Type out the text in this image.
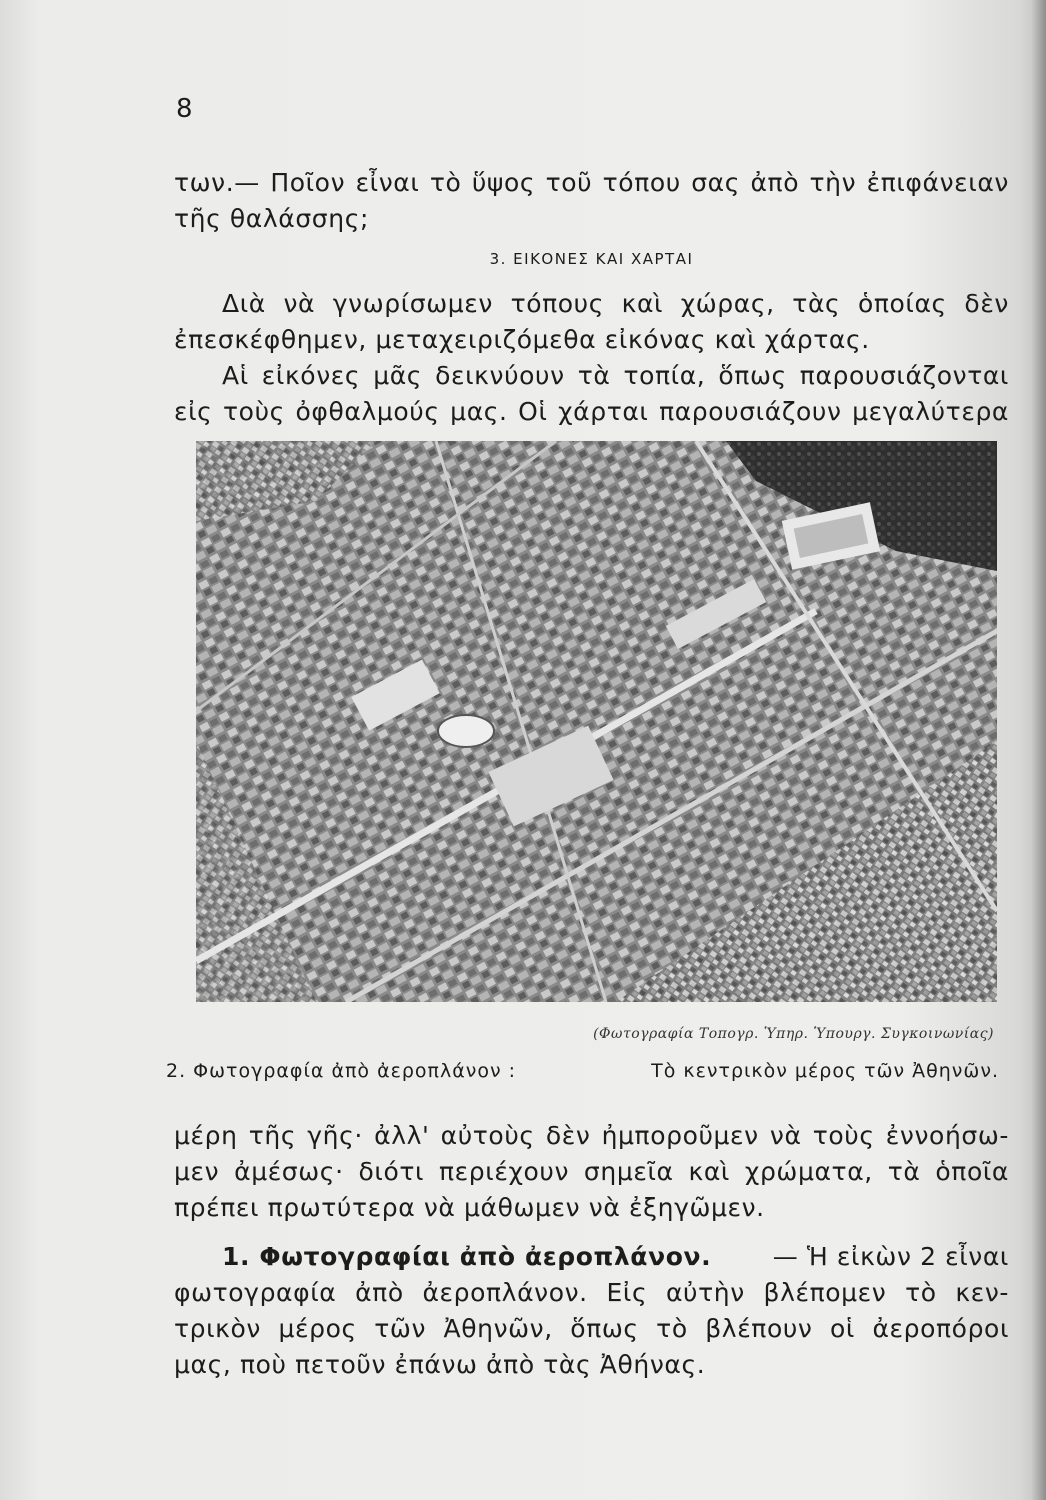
8
των.— Ποῖον εἶναι τὸ ὕψος τοῦ τόπου σας ἀπὸ τὴν ἐπιφάνειαν
τῆς θαλάσσης;
3. ΕΙΚΟΝΕΣ ΚΑΙ ΧΑΡΤΑΙ
Διὰ νὰ γνωρίσωμεν τόπους καὶ χώρας, τὰς ὁποίας δὲν
ἐπεσκέφθημεν, μεταχειριζόμεθα εἰκόνας καὶ χάρτας.
Αἱ εἰκόνες μᾶς δεικνύουν τὰ τοπία, ὅπως παρουσιάζονται
εἰς τοὺς ὀφθαλμούς μας. Οἱ χάρται παρουσιάζουν μεγαλύτερα
(Φωτογραφία Τοπογρ. Ὑπηρ. Ὑπουργ. Συγκοινωνίας)
2. Φωτογραφία ἀπὸ ἀεροπλάνον :	Τὸ κεντρικὸν μέρος τῶν Ἀθηνῶν.
μέρη τῆς γῆς· ἀλλ' αὐτοὺς δὲν ἠμποροῦμεν νὰ τοὺς ἐννοήσω-
μεν ἀμέσως· διότι περιέχουν σημεῖα καὶ χρώματα, τὰ ὁποῖα
πρέπει πρωτύτερα νὰ μάθωμεν νὰ ἐξηγῶμεν.
1. Φωτογραφίαι ἀπὸ ἀεροπλάνον. — Ἡ εἰκὼν 2 εἶναι
φωτογραφία ἀπὸ ἀεροπλάνον. Εἰς αὐτὴν βλέπομεν τὸ κεν-
τρικὸν μέρος τῶν Ἀθηνῶν, ὅπως τὸ βλέπουν οἱ ἀεροπόροι
μας, ποὺ πετοῦν ἐπάνω ἀπὸ τὰς Ἀθήνας.
